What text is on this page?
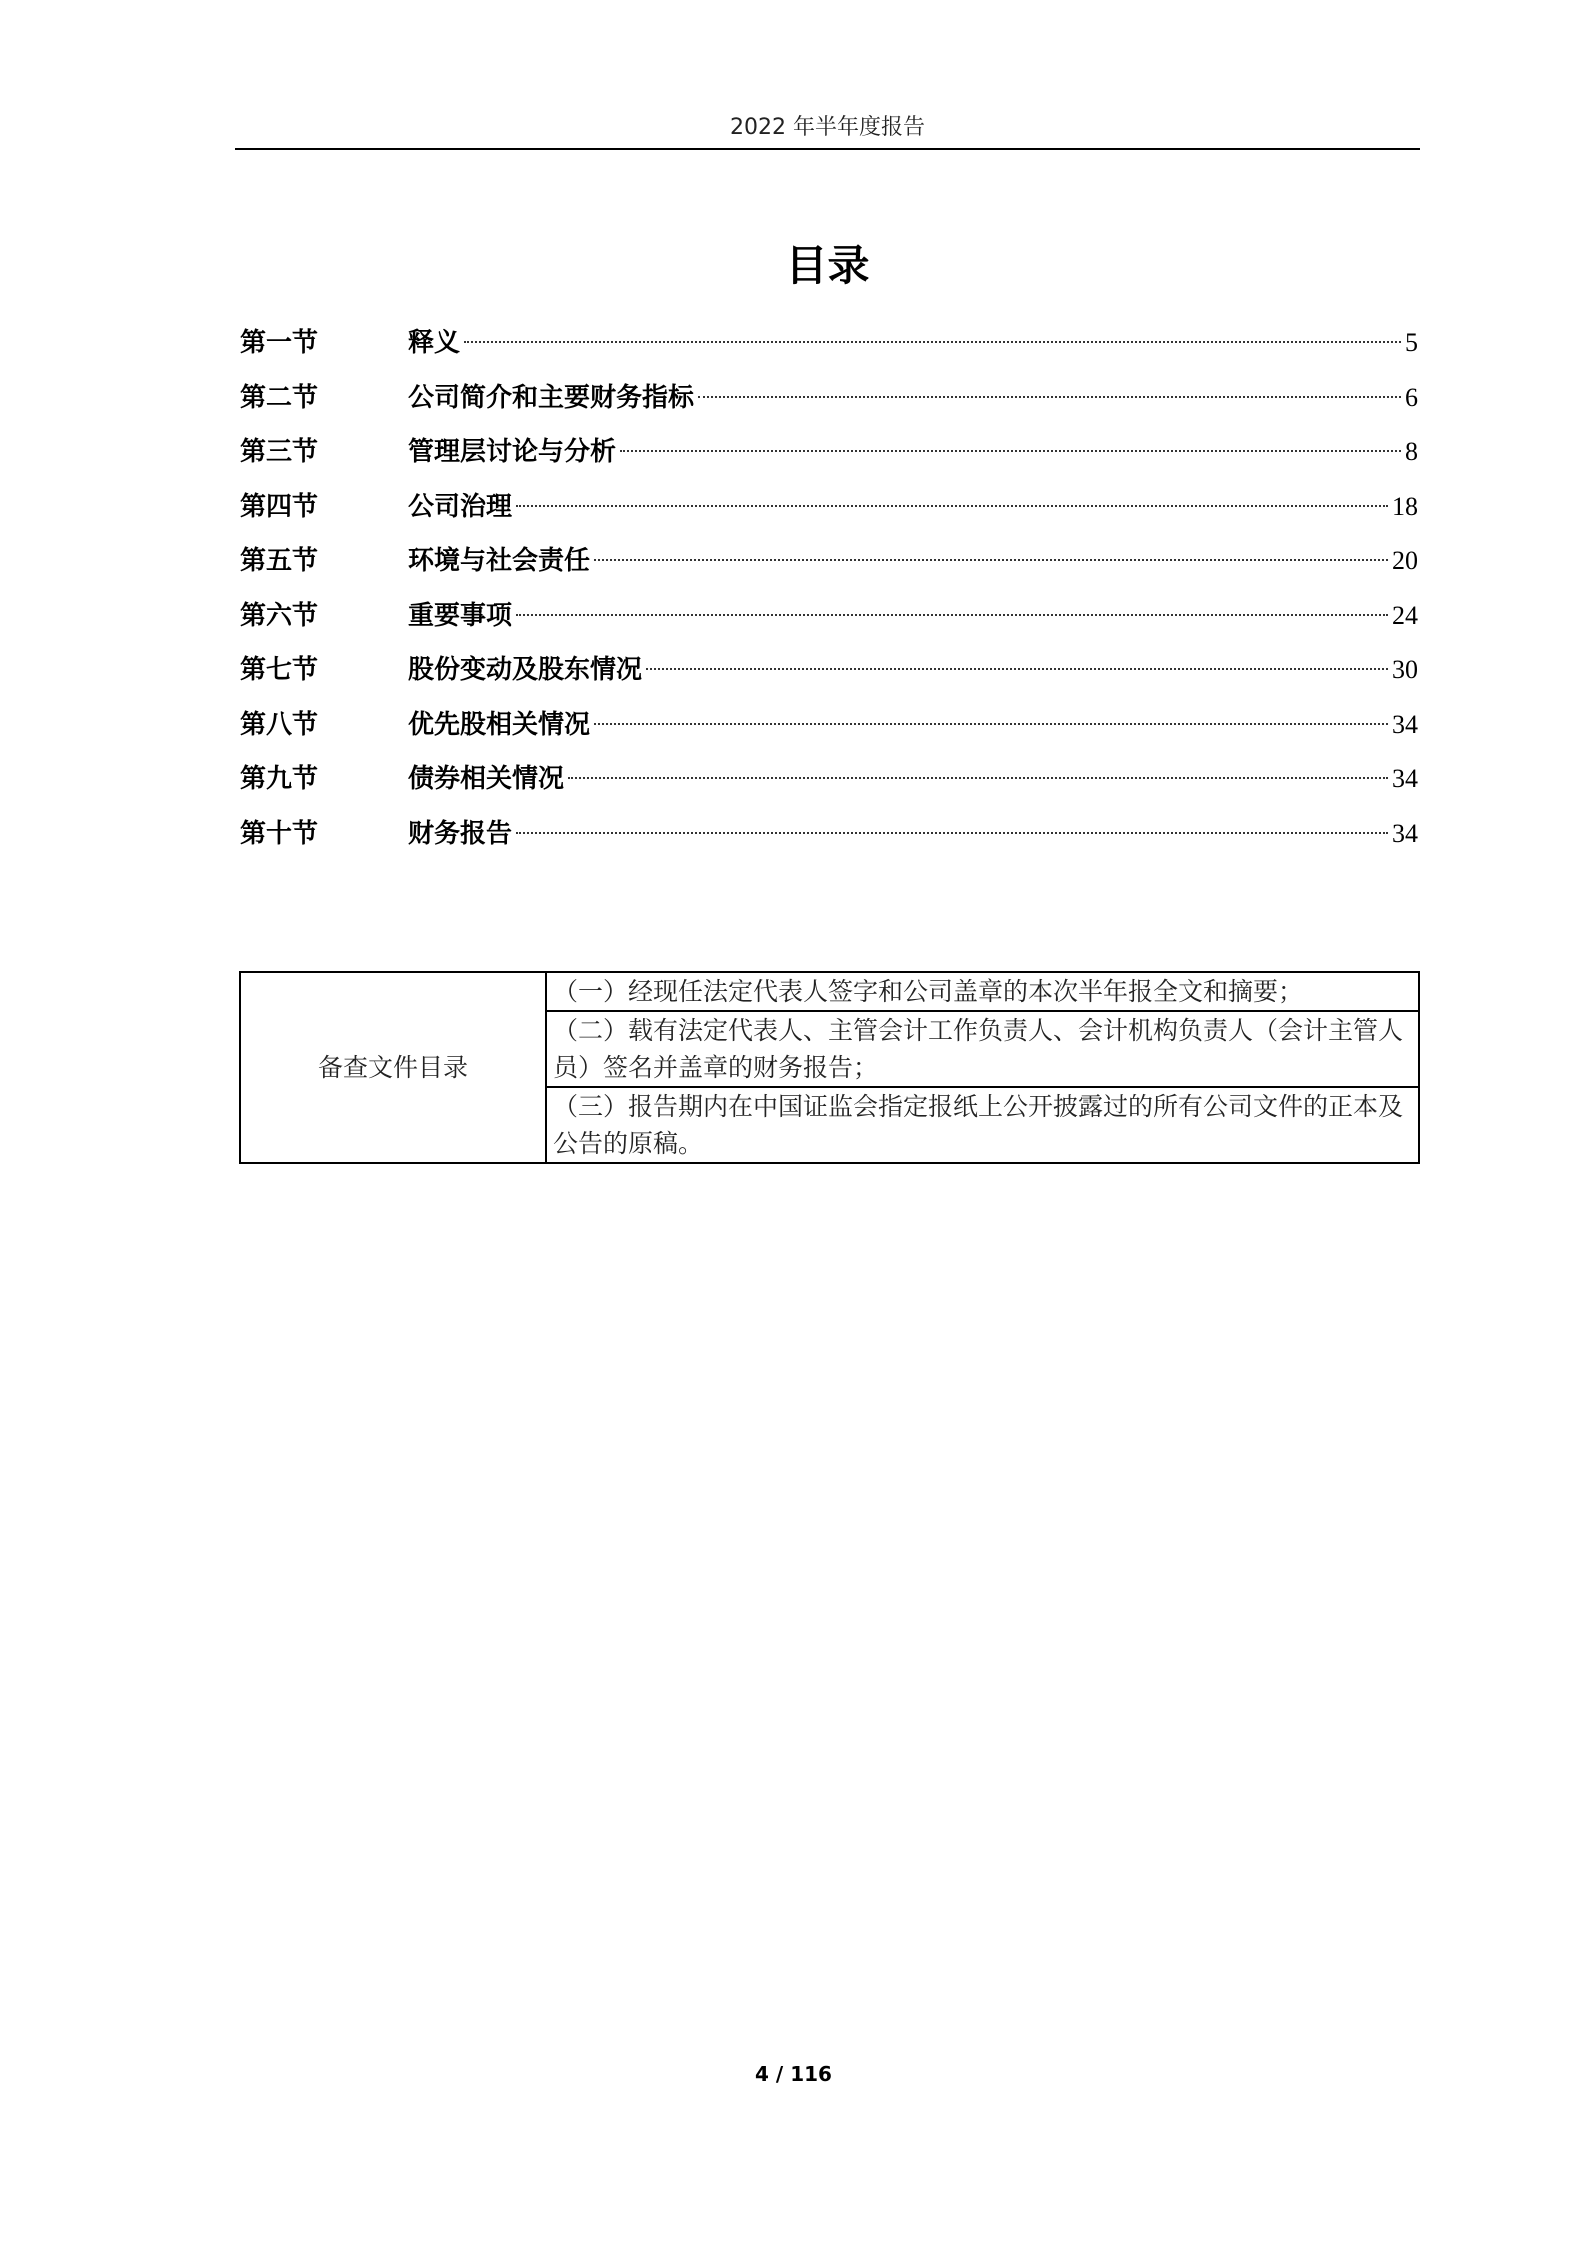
2022 年半年度报告
目录
第一节	释义	5
第二节	公司简介和主要财务指标	6
第三节	管理层讨论与分析	8
第四节	公司治理	18
第五节	环境与社会责任	20
第六节	重要事项	24
第七节	股份变动及股东情况	30
第八节	优先股相关情况	34
第九节	债券相关情况	34
第十节	财务报告	34
备查文件目录	（一）经现任法定代表人签字和公司盖章的本次半年报全文和摘要；
（二）载有法定代表人、主管会计工作负责人、会计机构负责人（会计主管人员）签名并盖章的财务报告；
（三）报告期内在中国证监会指定报纸上公开披露过的所有公司文件的正本及公告的原稿。
4 / 116
